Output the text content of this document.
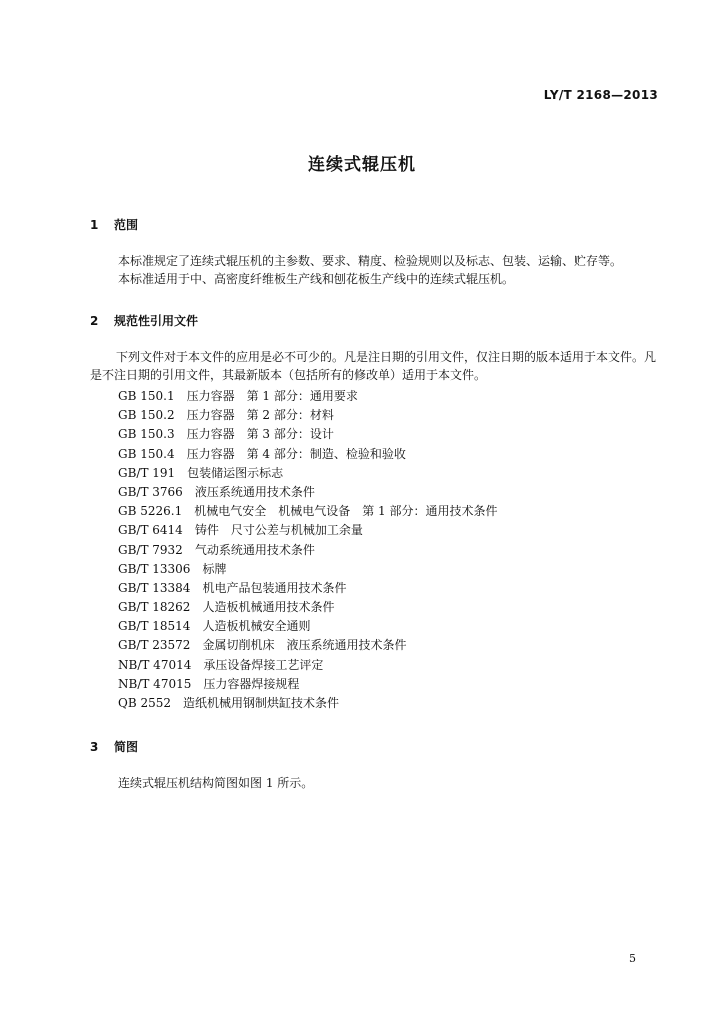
LY/T 2168—2013
连续式辊压机
1 范围

本标准规定了连续式辊压机的主参数、要求、精度、检验规则以及标志、包装、运输、贮存等。

本标准适用于中、高密度纤维板生产线和刨花板生产线中的连续式辊压机。

2 规范性引用文件

下列文件对于本文件的应用是必不可少的。凡是注日期的引用文件，仅注日期的版本适用于本文件。凡是不注日期的引用文件，其最新版本（包括所有的修改单）适用于本文件。

GB 150.1 压力容器　第 1 部分：通用要求
GB 150.2 压力容器　第 2 部分：材料
GB 150.3 压力容器　第 3 部分：设计
GB 150.4 压力容器　第 4 部分：制造、检验和验收
GB/T 191 包装储运图示标志
GB/T 3766 液压系统通用技术条件
GB 5226.1 机械电气安全　机械电气设备　第 1 部分：通用技术条件
GB/T 6414 铸件　尺寸公差与机械加工余量
GB/T 7932 气动系统通用技术条件
GB/T 13306 标牌
GB/T 13384 机电产品包装通用技术条件
GB/T 18262 人造板机械通用技术条件
GB/T 18514 人造板机械安全通则
GB/T 23572 金属切削机床　液压系统通用技术条件
NB/T 47014 承压设备焊接工艺评定
NB/T 47015 压力容器焊接规程
QB 2552 造纸机械用钢制烘缸技术条件
3 简图

连续式辊压机结构简图如图 1 所示。

5
